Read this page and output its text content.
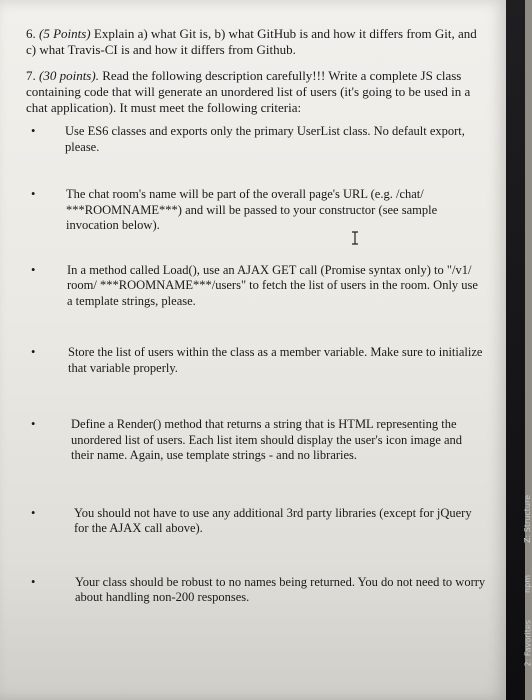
6. (5 Points) Explain a) what Git is, b) what GitHub is and how it differs from Git, and c) what Travis-CI is and how it differs from Github.

7. (30 points). Read the following description carefully!!! Write a complete JS class containing code that will generate an unordered list of users (it's going to be used in a chat application). It must meet the following criteria:

• Use ES6 classes and exports only the primary UserList class. No default export, please.
• The chat room's name will be part of the overall page's URL (e.g. /chat/ ***ROOMNAME***) and will be passed to your constructor (see sample invocation below).
•	In a method called Load(), use an AJAX GET call (Promise syntax only) to "/v1/ room/ ***ROOMNAME***/users" to fetch the list of users in the room. Only use a template strings, please.
•	Store the list of users within the class as a member variable. Make sure to initialize that variable properly.
•	Define a Render() method that returns a string that is HTML representing the unordered list of users. Each list item should display the user's icon image and their name. Again, use template strings - and no libraries.
•	You should not have to use any additional 3rd party libraries (except for jQuery for the AJAX call above).
•	Your class should be robust to no names being returned. You do not need to worry about handling non-200 responses.
Z: Structure
npm
2: Favorites
